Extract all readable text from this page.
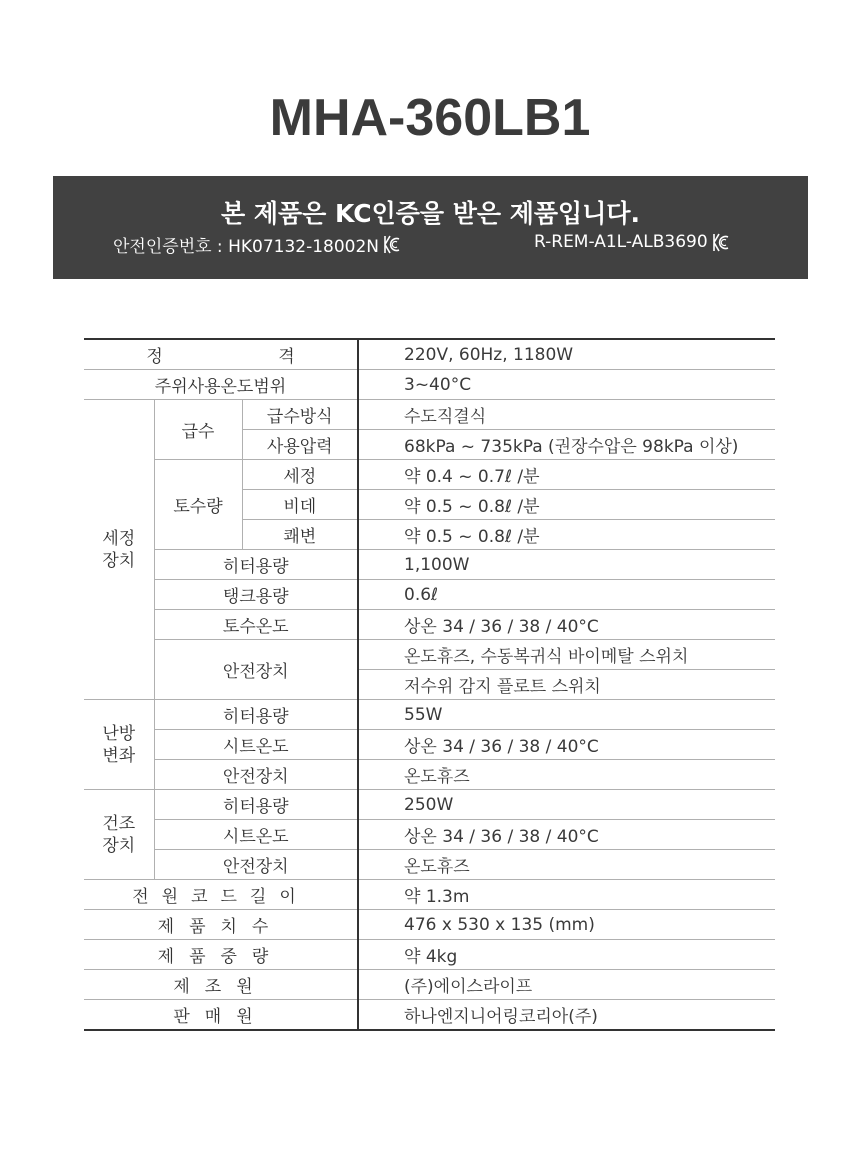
MHA-360LB1
본 제품은 KC인증을 받은 제품입니다.
안전인증번호 : HK07132-18002N	R-REM-A1L-ALB3690
정 격			220V, 60Hz, 1180W
주위사용온도범위			3~40°C
세정
장치	급수	급수방식	수도직결식
		사용압력	68kPa ~ 735kPa (권장수압은 98kPa 이상)
	토수량	세정	약 0.4 ~ 0.7ℓ /분
		비데	약 0.5 ~ 0.8ℓ /분
		쾌변	약 0.5 ~ 0.8ℓ /분
	히터용량		1,100W
	탱크용량		0.6ℓ
	토수온도		상온 34 / 36 / 38 / 40°C
	안전장치		온도휴즈, 수동복귀식 바이메탈 스위치
			저수위 감지 플로트 스위치
난방
변좌	히터용량		55W
	시트온도		상온 34 / 36 / 38 / 40°C
	안전장치		온도휴즈
건조
장치	히터용량		250W
	시트온도		상온 34 / 36 / 38 / 40°C
	안전장치		온도휴즈
전원코드길이			약 1.3m
제품치수			476 x 530 x 135 (mm)
제품중량			약 4kg
제조원			(주)에이스라이프
판매원			하나엔지니어링코리아(주)
